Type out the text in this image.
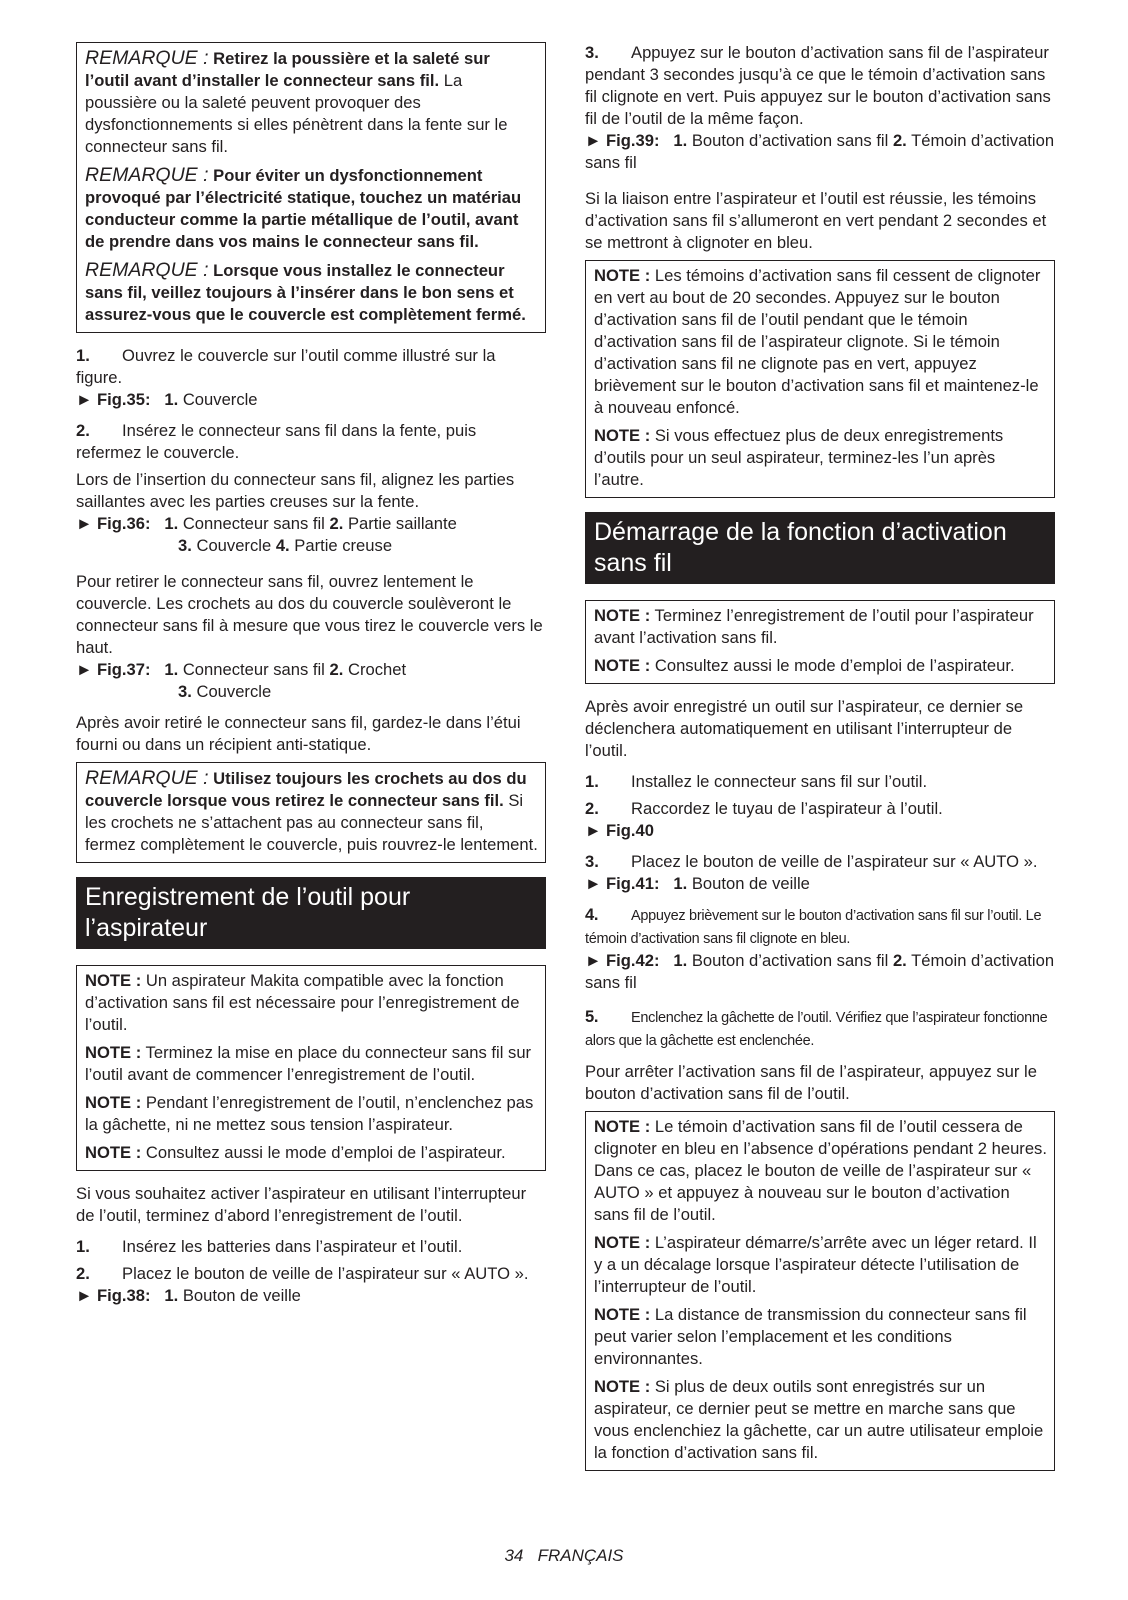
REMARQUE : Retirez la poussière et la saleté sur l’outil avant d’installer le connecteur sans fil. La poussière ou la saleté peuvent provoquer des dysfonctionnements si elles pénètrent dans la fente sur le connecteur sans fil.

REMARQUE : Pour éviter un dysfonctionnement provoqué par l’électricité statique, touchez un matériau conducteur comme la partie métallique de l’outil, avant de prendre dans vos mains le connecteur sans fil.

REMARQUE : Lorsque vous installez le connecteur sans fil, veillez toujours à l’insérer dans le bon sens et assurez-vous que le couvercle est complètement fermé.

1. Ouvrez le couvercle sur l’outil comme illustré sur la figure.
► Fig.35: 1. Couvercle

2. Insérez le connecteur sans fil dans la fente, puis refermez le couvercle.

Lors de l’insertion du connecteur sans fil, alignez les parties saillantes avec les parties creuses sur la fente.
► Fig.36: 1. Connecteur sans fil 2. Partie saillante
3. Couvercle 4. Partie creuse

Pour retirer le connecteur sans fil, ouvrez lentement le couvercle. Les crochets au dos du couvercle soulèveront le connecteur sans fil à mesure que vous tirez le couvercle vers le haut.
► Fig.37: 1. Connecteur sans fil 2. Crochet
3. Couvercle

Après avoir retiré le connecteur sans fil, gardez-le dans l’étui fourni ou dans un récipient anti-statique.

REMARQUE : Utilisez toujours les crochets au dos du couvercle lorsque vous retirez le connecteur sans fil. Si les crochets ne s’attachent pas au connecteur sans fil, fermez complètement le couvercle, puis rouvrez-le lentement.

Enregistrement de l’outil pour l’aspirateur

NOTE : Un aspirateur Makita compatible avec la fonction d’activation sans fil est nécessaire pour l’enregistrement de l’outil.

NOTE : Terminez la mise en place du connecteur sans fil sur l’outil avant de commencer l’enregistrement de l’outil.

NOTE : Pendant l’enregistrement de l’outil, n’enclenchez pas la gâchette, ni ne mettez sous tension l’aspirateur.

NOTE : Consultez aussi le mode d’emploi de l’aspirateur.

Si vous souhaitez activer l’aspirateur en utilisant l’interrupteur de l’outil, terminez d’abord l’enregistrement de l’outil.

1. Insérez les batteries dans l’aspirateur et l’outil.

2. Placez le bouton de veille de l’aspirateur sur « AUTO ».
► Fig.38: 1. Bouton de veille

3. Appuyez sur le bouton d’activation sans fil de l’aspirateur pendant 3 secondes jusqu’à ce que le témoin d’activation sans fil clignote en vert. Puis appuyez sur le bouton d’activation sans fil de l’outil de la même façon.
► Fig.39: 1. Bouton d’activation sans fil 2. Témoin d’activation sans fil

Si la liaison entre l’aspirateur et l’outil est réussie, les témoins d’activation sans fil s’allumeront en vert pendant 2 secondes et se mettront à clignoter en bleu.

NOTE : Les témoins d’activation sans fil cessent de clignoter en vert au bout de 20 secondes. Appuyez sur le bouton d’activation sans fil de l’outil pendant que le témoin d’activation sans fil de l’aspirateur clignote. Si le témoin d’activation sans fil ne clignote pas en vert, appuyez brièvement sur le bouton d’activation sans fil et maintenez-le à nouveau enfoncé.

NOTE : Si vous effectuez plus de deux enregistrements d’outils pour un seul aspirateur, terminez-les l’un après l’autre.

Démarrage de la fonction d’activation sans fil

NOTE : Terminez l’enregistrement de l’outil pour l’aspirateur avant l’activation sans fil.

NOTE : Consultez aussi le mode d’emploi de l’aspirateur.

Après avoir enregistré un outil sur l’aspirateur, ce dernier se déclenchera automatiquement en utilisant l’interrupteur de l’outil.

1. Installez le connecteur sans fil sur l’outil.

2. Raccordez le tuyau de l’aspirateur à l’outil.
► Fig.40

3. Placez le bouton de veille de l’aspirateur sur « AUTO ».
► Fig.41: 1. Bouton de veille

4. Appuyez brièvement sur le bouton d’activation sans fil sur l’outil. Le témoin d’activation sans fil clignote en bleu.
► Fig.42: 1. Bouton d’activation sans fil 2. Témoin d’activation sans fil

5. Enclenchez la gâchette de l’outil. Vérifiez que l’aspirateur fonctionne alors que la gâchette est enclenchée.

Pour arrêter l’activation sans fil de l’aspirateur, appuyez sur le bouton d’activation sans fil de l’outil.

NOTE : Le témoin d’activation sans fil de l’outil cessera de clignoter en bleu en l’absence d’opérations pendant 2 heures. Dans ce cas, placez le bouton de veille de l’aspirateur sur « AUTO » et appuyez à nouveau sur le bouton d’activation sans fil de l’outil.

NOTE : L’aspirateur démarre/s’arrête avec un léger retard. Il y a un décalage lorsque l’aspirateur détecte l’utilisation de l’interrupteur de l’outil.

NOTE : La distance de transmission du connecteur sans fil peut varier selon l’emplacement et les conditions environnantes.

NOTE : Si plus de deux outils sont enregistrés sur un aspirateur, ce dernier peut se mettre en marche sans que vous enclenchiez la gâchette, car un autre utilisateur emploie la fonction d’activation sans fil.

34 FRANÇAIS
